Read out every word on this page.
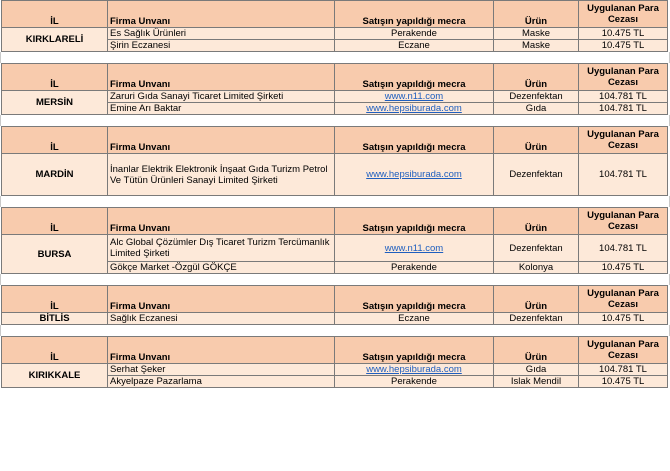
İL	Firma Unvanı	Satışın yapıldığı mecra	Ürün	Uygulanan Para Cezası
KIRKLARELİ	Es Sağlık Ürünleri	Perakende	Maske	10.475 TL
	Şirin Eczanesi	Eczane	Maske	10.475 TL
İL	Firma Unvanı	Satışın yapıldığı mecra	Ürün	Uygulanan Para Cezası
MERSİN	Zaruri Gıda Sanayi Ticaret Limited Şirketi	www.n11.com	Dezenfektan	104.781 TL
	Emine Arı Baktar	www.hepsiburada.com	Gıda	104.781 TL
İL	Firma Unvanı	Satışın yapıldığı mecra	Ürün	Uygulanan Para Cezası
MARDİN	İnanlar Elektrik Elektronik İnşaat Gıda Turizm Petrol Ve Tütün Ürünleri Sanayi Limited Şirketi	www.hepsiburada.com	Dezenfektan	104.781 TL
İL	Firma Unvanı	Satışın yapıldığı mecra	Ürün	Uygulanan Para Cezası
BURSA	Alc Global Çözümler Dış Ticaret Turizm Tercümanlık Limited Şirketi	www.n11.com	Dezenfektan	104.781 TL
	Gökçe Market -Özgül GÖKÇE	Perakende	Kolonya	10.475 TL
İL	Firma Unvanı	Satışın yapıldığı mecra	Ürün	Uygulanan Para Cezası
BİTLİS	Sağlık Eczanesi	Eczane	Dezenfektan	10.475 TL
İL	Firma Unvanı	Satışın yapıldığı mecra	Ürün	Uygulanan Para Cezası
KIRIKKALE	Serhat Şeker	www.hepsiburada.com	Gıda	104.781 TL
	Akyelpaze Pazarlama	Perakende	Islak Mendil	10.475 TL
